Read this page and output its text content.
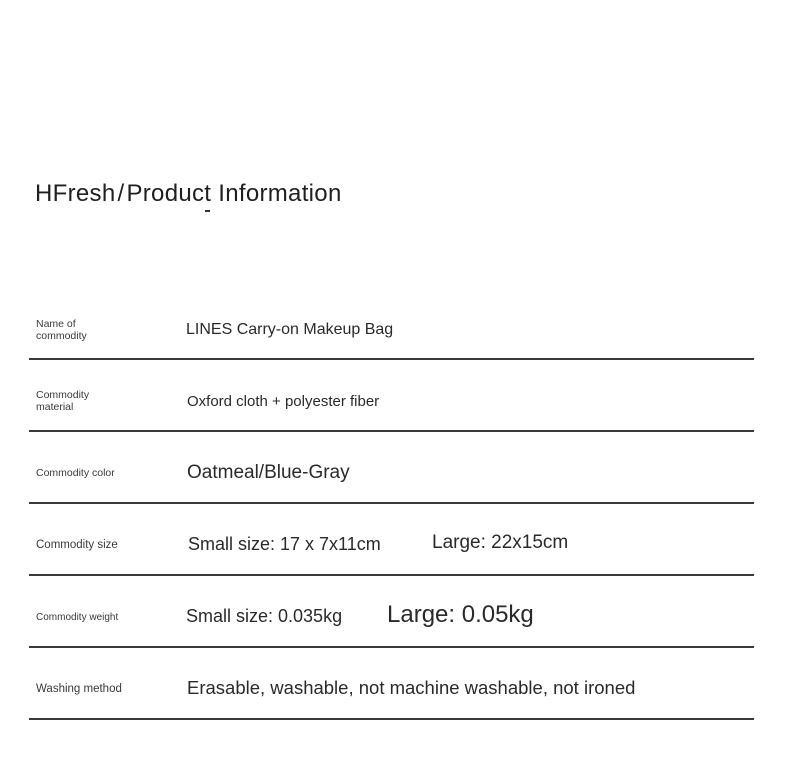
HFresh/Product Information
Name of commodity	LINES Carry-on Makeup Bag
Commodity material	Oxford cloth + polyester fiber
Commodity color	Oatmeal/Blue-Gray
Commodity size	Small size: 17 x 7x11cm	Large: 22x15cm
Commodity weight	Small size: 0.035kg Large: 0.05kg
Washing method	Erasable, washable, not machine washable, not ironed
